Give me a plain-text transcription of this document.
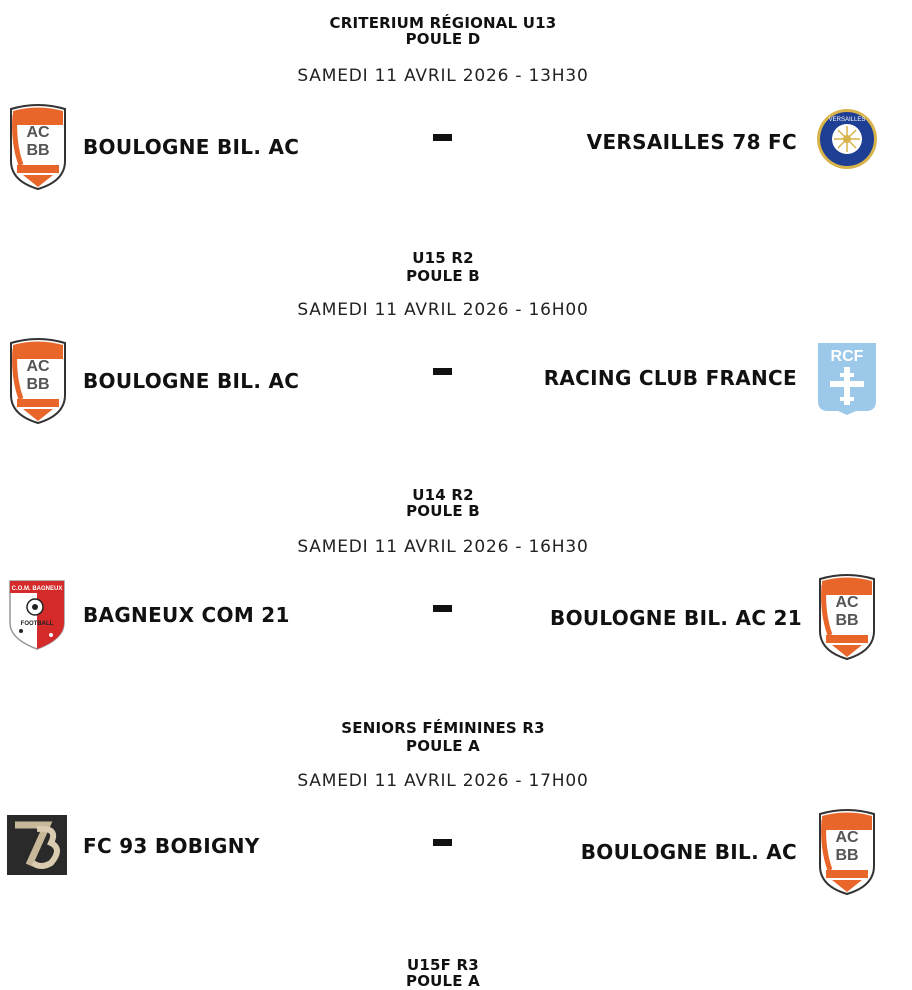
CRITERIUM RÉGIONAL U13
POULE D
SAMEDI 11 AVRIL 2026 - 13H30
AC
BB BOULOGNE BIL. AC	VERSAILLES 78 FC
VERSAILLES
U15 R2
POULE B
SAMEDI 11 AVRIL 2026 - 16H00
AC
BB BOULOGNE BIL. AC	RACING CLUB FRANCE
RCF
U14 R2
POULE B
SAMEDI 11 AVRIL 2026 - 16H30
C.O.M. BAGNEUX
FOOTBALL BAGNEUX COM 21	BOULOGNE BIL. AC 21
AC
BB
SENIORS FÉMININES R3
POULE A
SAMEDI 11 AVRIL 2026 - 17H00
93
FC 93 BOBIGNY	BOULOGNE BIL. AC
AC
BB
U15F R3
POULE A
